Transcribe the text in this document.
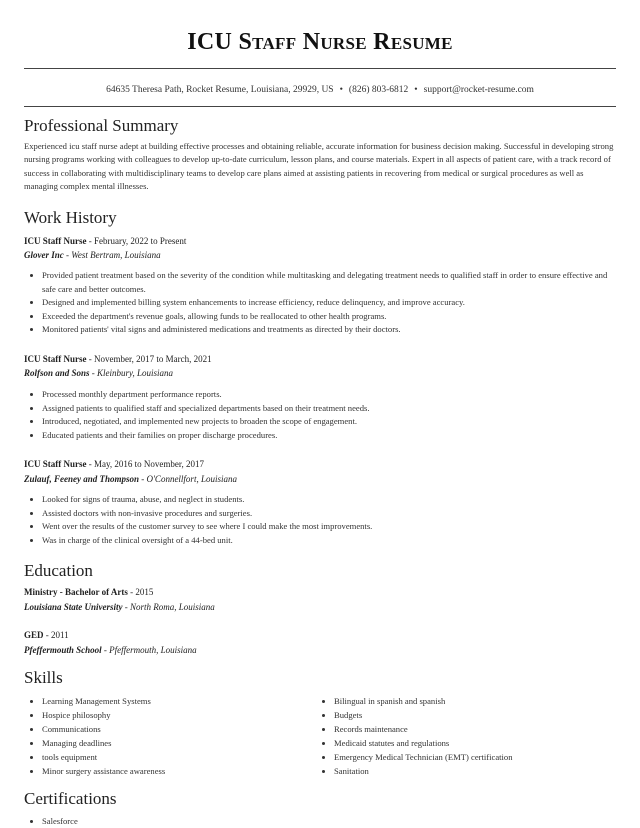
ICU Staff Nurse Resume
64635 Theresa Path, Rocket Resume, Louisiana, 29929, US • (826) 803-6812 • support@rocket-resume.com
Professional Summary
Experienced icu staff nurse adept at building effective processes and obtaining reliable, accurate information for business decision making. Successful in developing strong nursing programs working with colleagues to develop up-to-date curriculum, lesson plans, and course materials. Expert in all aspects of patient care, with a track record of success in collaborating with multidisciplinary teams to develop care plans aimed at assisting patients in recovering from medical or surgical procedures as well as managing complex mental illnesses.
Work History
ICU Staff Nurse - February, 2022 to Present
Glover Inc - West Bertram, Louisiana
• Provided patient treatment based on the severity of the condition while multitasking and delegating treatment needs to qualified staff in order to ensure effective and safe care and better outcomes.
• Designed and implemented billing system enhancements to increase efficiency, reduce delinquency, and improve accuracy.
• Exceeded the department's revenue goals, allowing funds to be reallocated to other health programs.
• Monitored patients' vital signs and administered medications and treatments as directed by their doctors.
ICU Staff Nurse - November, 2017 to March, 2021
Rolfson and Sons - Kleinbury, Louisiana
• Processed monthly department performance reports.
• Assigned patients to qualified staff and specialized departments based on their treatment needs.
• Introduced, negotiated, and implemented new projects to broaden the scope of engagement.
• Educated patients and their families on proper discharge procedures.
ICU Staff Nurse - May, 2016 to November, 2017
Zulauf, Feeney and Thompson - O'Connellfort, Louisiana
• Looked for signs of trauma, abuse, and neglect in students.
• Assisted doctors with non-invasive procedures and surgeries.
• Went over the results of the customer survey to see where I could make the most improvements.
• Was in charge of the clinical oversight of a 44-bed unit.
Education
Ministry - Bachelor of Arts - 2015
Louisiana State University - North Roma, Louisiana
GED - 2011
Pfeffermouth School - Pfeffermouth, Louisiana
Skills
• Learning Management Systems
• Hospice philosophy
• Communications
• Managing deadlines
• tools equipment
• Minor surgery assistance awareness
• Bilingual in spanish and spanish
• Budgets
• Records maintenance
• Medicaid statutes and regulations
• Emergency Medical Technician (EMT) certification
• Sanitation
Certifications
• Salesforce
